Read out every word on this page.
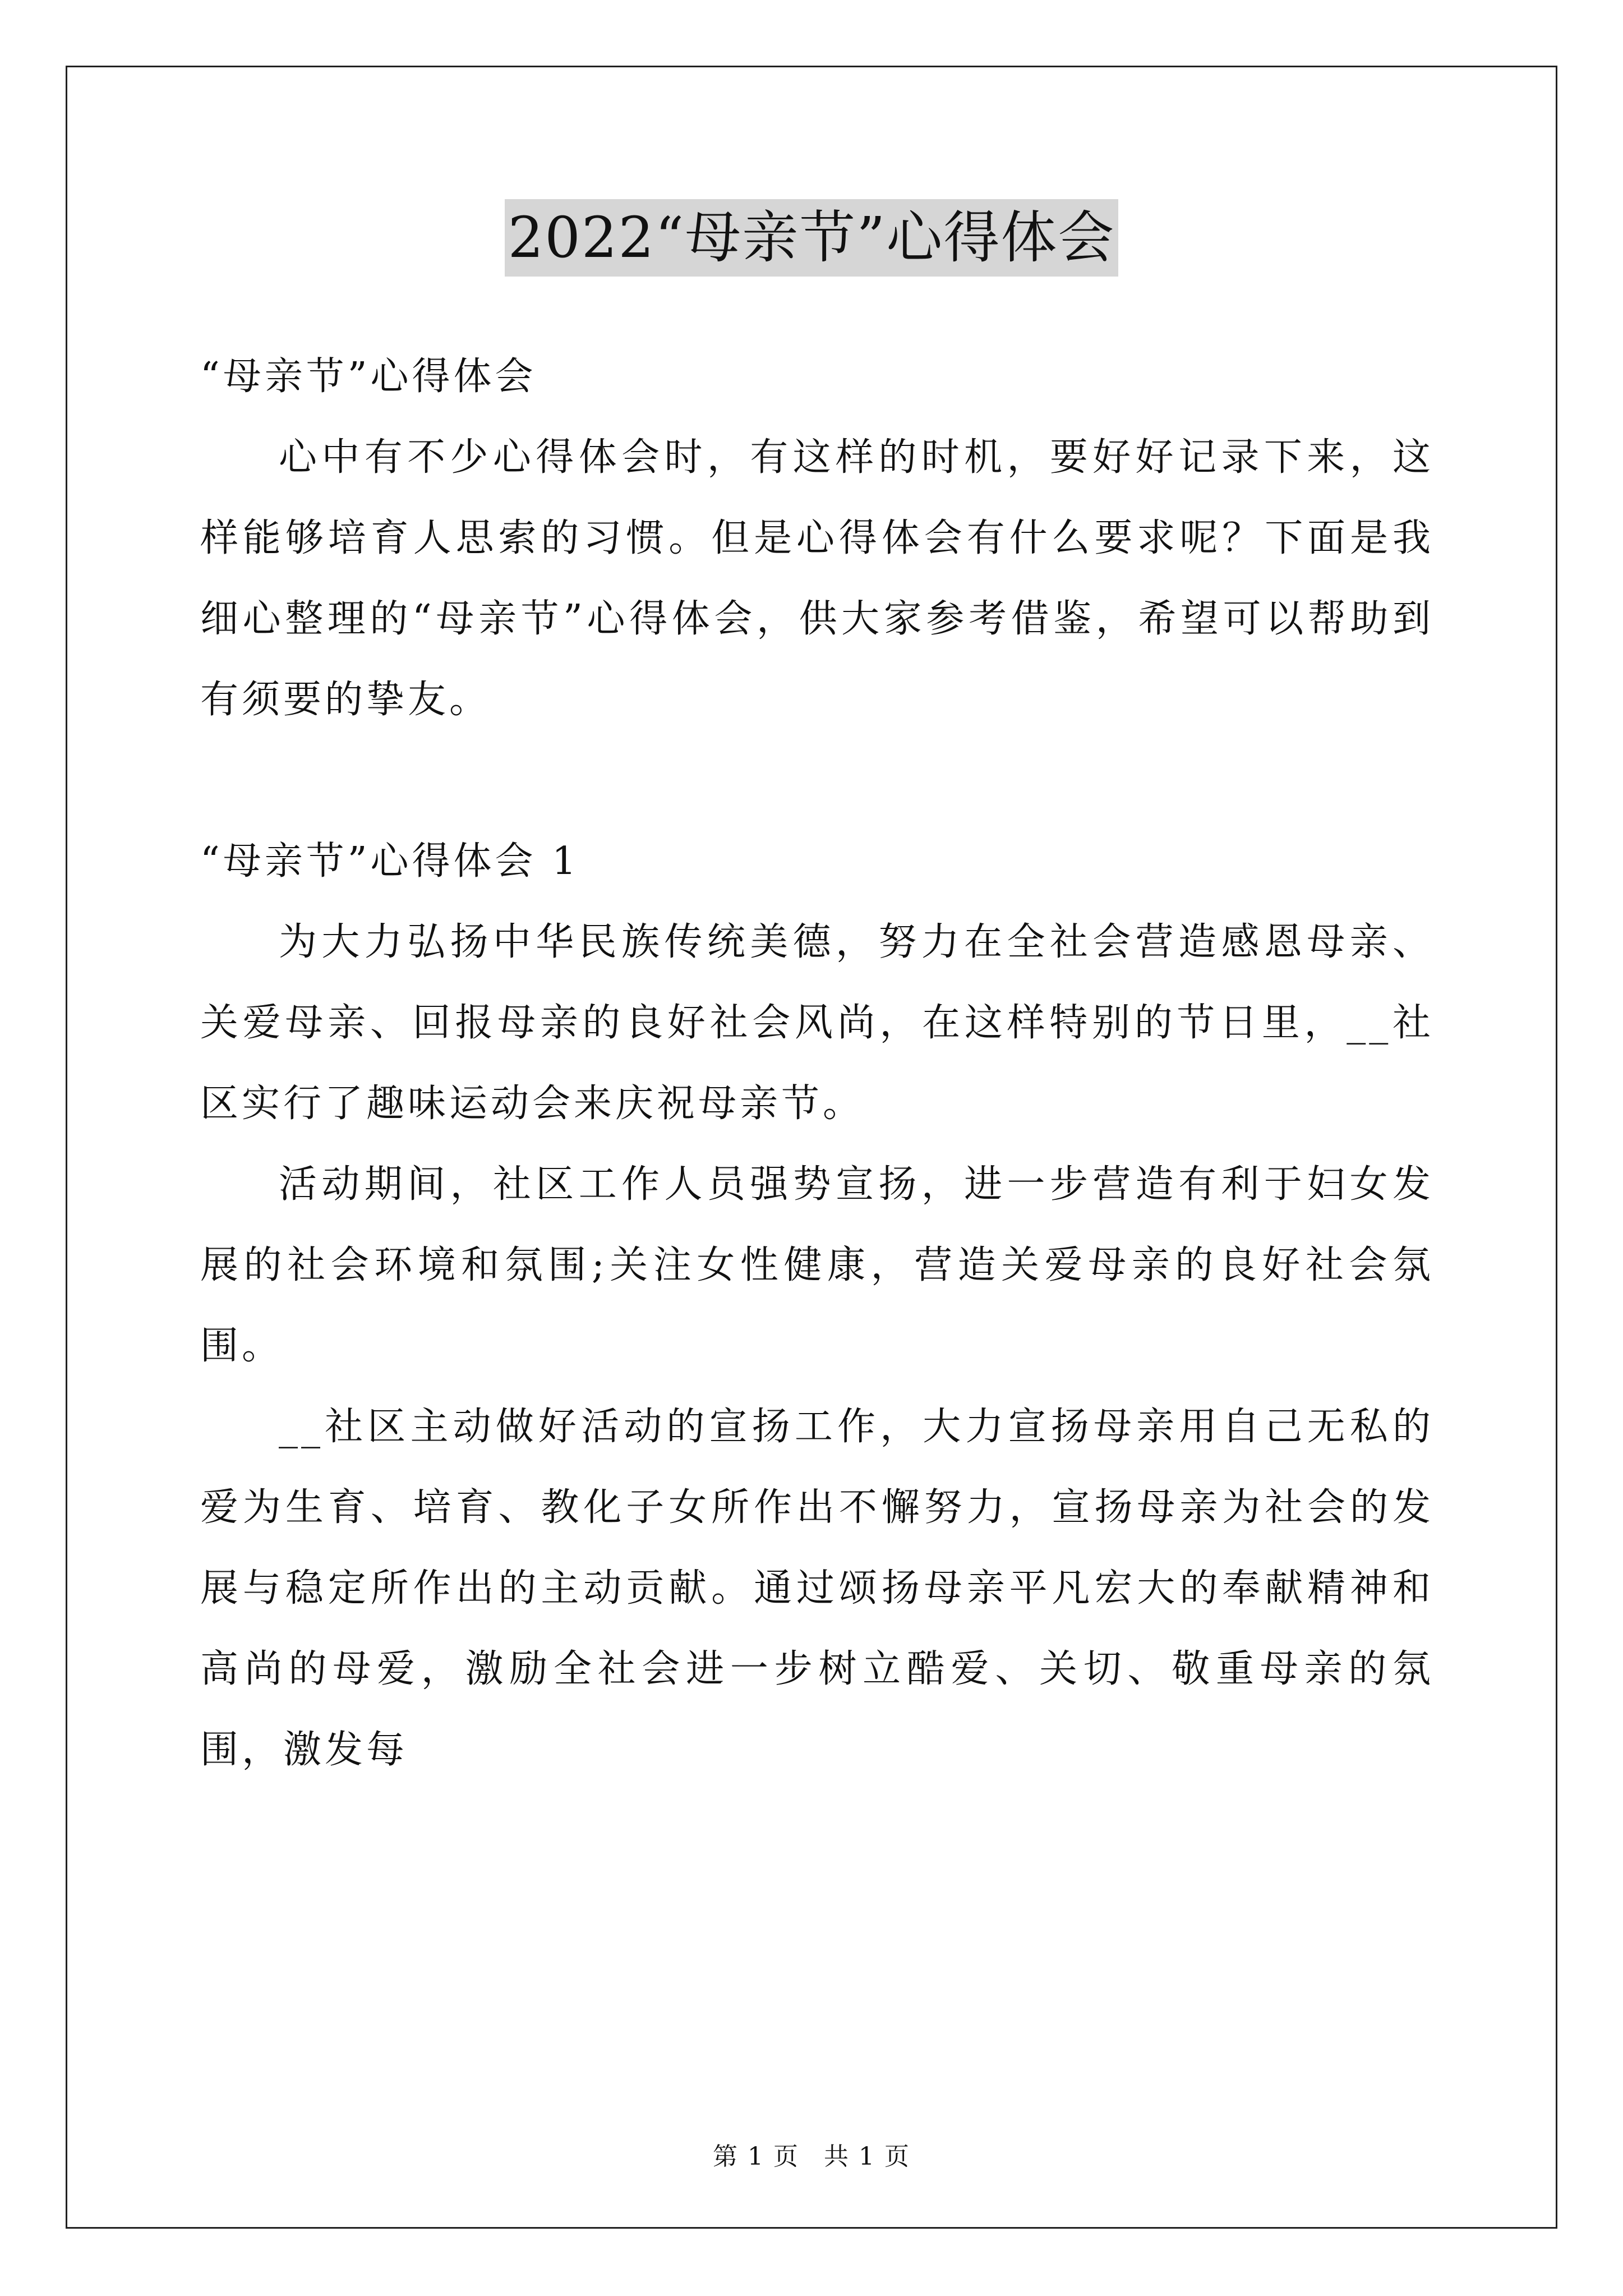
2022“母亲节”心得体会

“母亲节”心得体会

心中有不少心得体会时，有这样的时机，要好好记录下来，这样能够培育人思索的习惯。但是心得体会有什么要求呢？下面是我细心整理的“母亲节”心得体会，供大家参考借鉴，希望可以帮助到有须要的挚友。

“母亲节”心得体会 1

为大力弘扬中华民族传统美德，努力在全社会营造感恩母亲、关爱母亲、回报母亲的良好社会风尚，在这样特别的节日里，__社区实行了趣味运动会来庆祝母亲节。

活动期间，社区工作人员强势宣扬，进一步营造有利于妇女发展的社会环境和氛围;关注女性健康，营造关爱母亲的良好社会氛围。

__社区主动做好活动的宣扬工作，大力宣扬母亲用自己无私的爱为生育、培育、教化子女所作出不懈努力，宣扬母亲为社会的发展与稳定所作出的主动贡献。通过颂扬母亲平凡宏大的奉献精神和高尚的母爱，激励全社会进一步树立酷爱、关切、敬重母亲的氛围，激发每

第 1 页 共 1 页
